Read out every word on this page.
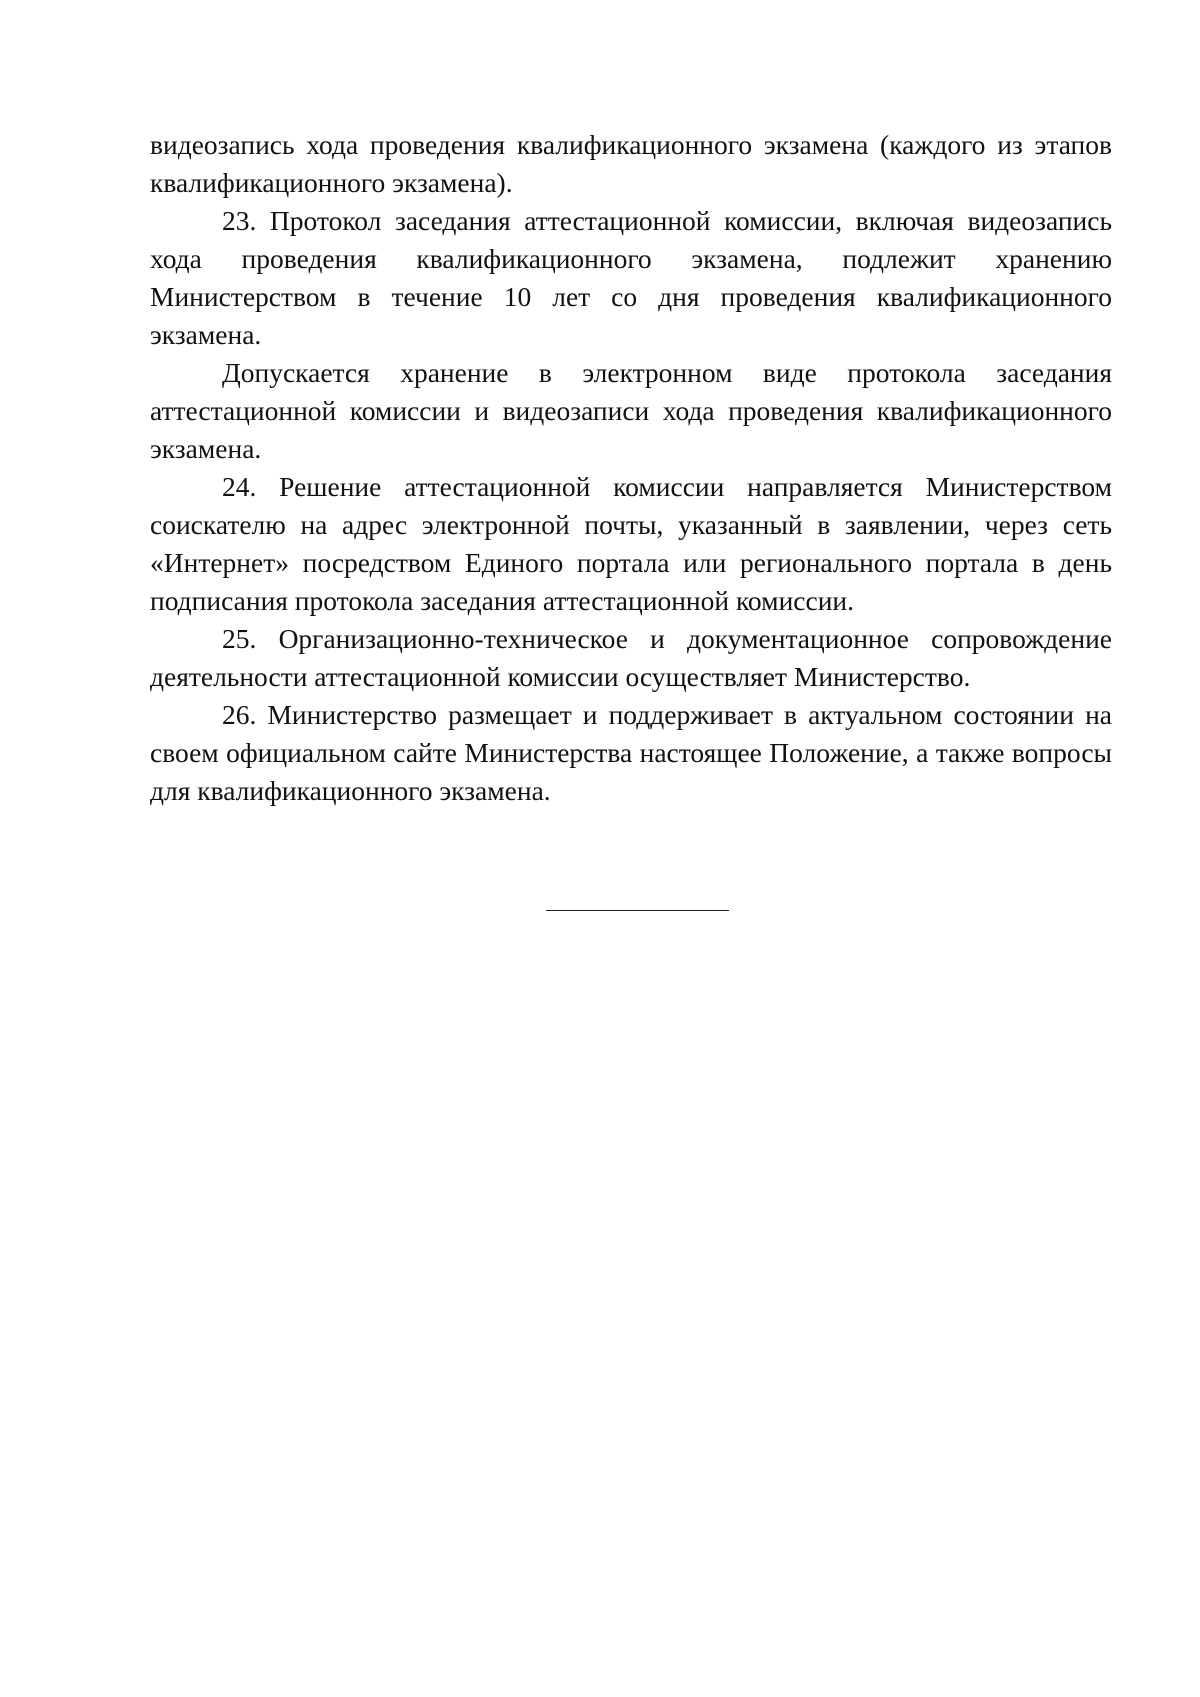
видеозапись хода проведения квалификационного экзамена (каждого из этапов квалификационного экзамена).

23. Протокол заседания аттестационной комиссии, включая видеозапись хода проведения квалификационного экзамена, подлежит хранению Министерством в течение 10 лет со дня проведения квалификационного экзамена.

Допускается хранение в электронном виде протокола заседания аттестационной комиссии и видеозаписи хода проведения квалификационного экзамена.

24. Решение аттестационной комиссии направляется Министерством соискателю на адрес электронной почты, указанный в заявлении, через сеть «Интернет» посредством Единого портала или регионального портала в день подписания протокола заседания аттестационной комиссии.

25. Организационно-техническое и документационное сопровождение деятельности аттестационной комиссии осуществляет Министерство.

26. Министерство размещает и поддерживает в актуальном состоянии на своем официальном сайте Министерства настоящее Положение, а также вопросы для квалификационного экзамена.
